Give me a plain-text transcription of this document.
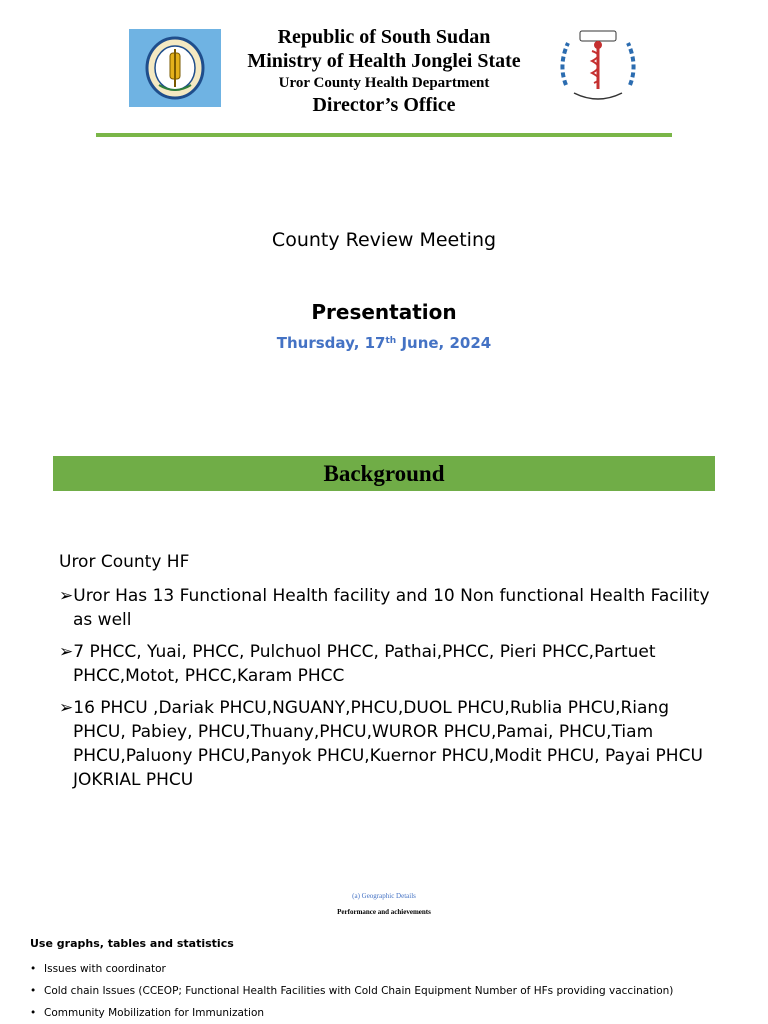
Republic of South Sudan
Ministry of Health Jonglei State
Uror County Health Department
Director’s Office
County Review Meeting
Presentation
Thursday, 17th June, 2024
Background
Uror County HF
➢Uror Has 13 Functional Health facility and 10 Non functional Health Facility as well
➢7 PHCC, Yuai, PHCC, Pulchuol PHCC, Pathai,PHCC, Pieri PHCC,Partuet PHCC,Motot, PHCC,Karam PHCC
➢16 PHCU ,Dariak PHCU,NGUANY,PHCU,DUOL PHCU,Rublia PHCU,Riang PHCU, Pabiey, PHCU,Thuany,PHCU,WUROR PHCU,Pamai, PHCU,Tiam PHCU,Paluony PHCU,Panyok PHCU,Kuernor PHCU,Modit PHCU, Payai PHCU JOKRIAL PHCU
(a) Geographic Details
Performance and achievements
Use graphs, tables and statistics
• Issues with coordinator
• Cold chain Issues (CCEOP; Functional Health Facilities with Cold Chain Equipment Number of HFs providing vaccination)
• Community Mobilization for Immunization
